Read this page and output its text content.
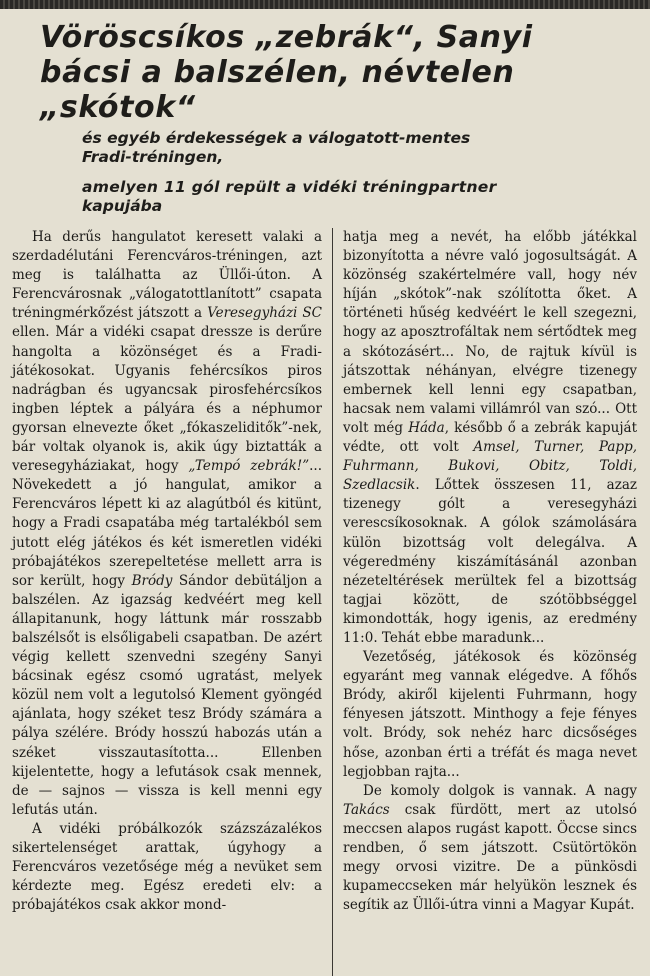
Vöröscsíkos „zebrák“, Sanyi
bácsi a balszélen, névtelen
„skótok“
és egyéb érdekességek a válogatott-mentes
Fradi-tréningen,
amelyen 11 gól repült a vidéki tréningpartner
kapujába

Ha derűs hangulatot keresett valaki a szerdadélutáni Ferencváros-tréningen, azt meg is találhatta az Üllői-úton. A Ferencvárosnak „válogatottlanított” csapata tréningmérkőzést játszott a Veresegyházi SC ellen. Már a vidéki csapat dressze is derűre hangolta a közönséget és a Fradi-játékosokat. Ugyanis fehércsíkos piros nadrágban és ugyancsak pirosfehércsíkos ingben léptek a pályára és a néphumor gyorsan elnevezte őket „fókaszeliditők”-nek, bár voltak olyanok is, akik úgy biztatták a veresegyháziakat, hogy „Tempó zebrák!”... Növekedett a jó hangulat, amikor a Ferencváros lépett ki az alagútból és kitünt, hogy a Fradi csapatába még tartalékból sem jutott elég játékos és két ismeretlen vidéki próbajátékos szerepeltetése mellett arra is sor került, hogy Bródy Sándor debütáljon a balszélen. Az igazság kedvéért meg kell állapitanunk, hogy láttunk már rosszabb balszélsőt is elsőligabeli csapatban. De azért végig kellett szenvedni szegény Sanyi bácsinak egész csomó ugratást, melyek közül nem volt a legutolsó Klement gyöngéd ajánlata, hogy széket tesz Bródy számára a pálya szélére. Bródy hosszú habozás után a széket visszautasította... Ellenben kijelentette, hogy a lefutások csak mennek, de — sajnos — vissza is kell menni egy lefutás után.

A vidéki próbálkozók százszázalékos sikertelenséget arattak, úgyhogy a Ferencváros vezetősége még a nevüket sem kérdezte meg. Egész eredeti elv: a próbajátékos csak akkor mond-

hatja meg a nevét, ha előbb játékkal bizonyította a névre való jogosultságát. A közönség szakértelmére vall, hogy név híján „skótok”-nak szólította őket. A történeti hűség kedvéért le kell szegezni, hogy az aposztrofáltak nem sértődtek meg a skótozásért... No, de rajtuk kívül is játszottak néhányan, elvégre tizenegy embernek kell lenni egy csapatban, hacsak nem valami villámról van szó... Ott volt még Háda, később ő a zebrák kapuját védte, ott volt Amsel, Turner, Papp, Fuhrmann, Bukovi, Obitz, Toldi, Szedlacsik. Lőttek összesen 11, azaz tizenegy gólt a veresegyházi verescsíkosoknak. A gólok számolására külön bizottság volt delegálva. A végeredmény kiszámításánál azonban nézeteltérések merültek fel a bizottság tagjai között, de szótöbbséggel kimondották, hogy igenis, az eredmény 11:0. Tehát ebbe maradunk...

Vezetőség, játékosok és közönség egyaránt meg vannak elégedve. A főhős Bródy, akiről kijelenti Fuhrmann, hogy fényesen játszott. Minthogy a feje fényes volt. Bródy, sok nehéz harc dicsőséges hőse, azonban érti a tréfát és maga nevet legjobban rajta...

De komoly dolgok is vannak. A nagy Takács csak fürdött, mert az utolsó meccsen alapos rugást kapott. Öccse sincs rendben, ő sem játszott. Csütörtökön megy orvosi vizitre. De a pünkösdi kupameccseken már helyükön lesznek és segítik az Üllői-útra vinni a Magyar Kupát.
